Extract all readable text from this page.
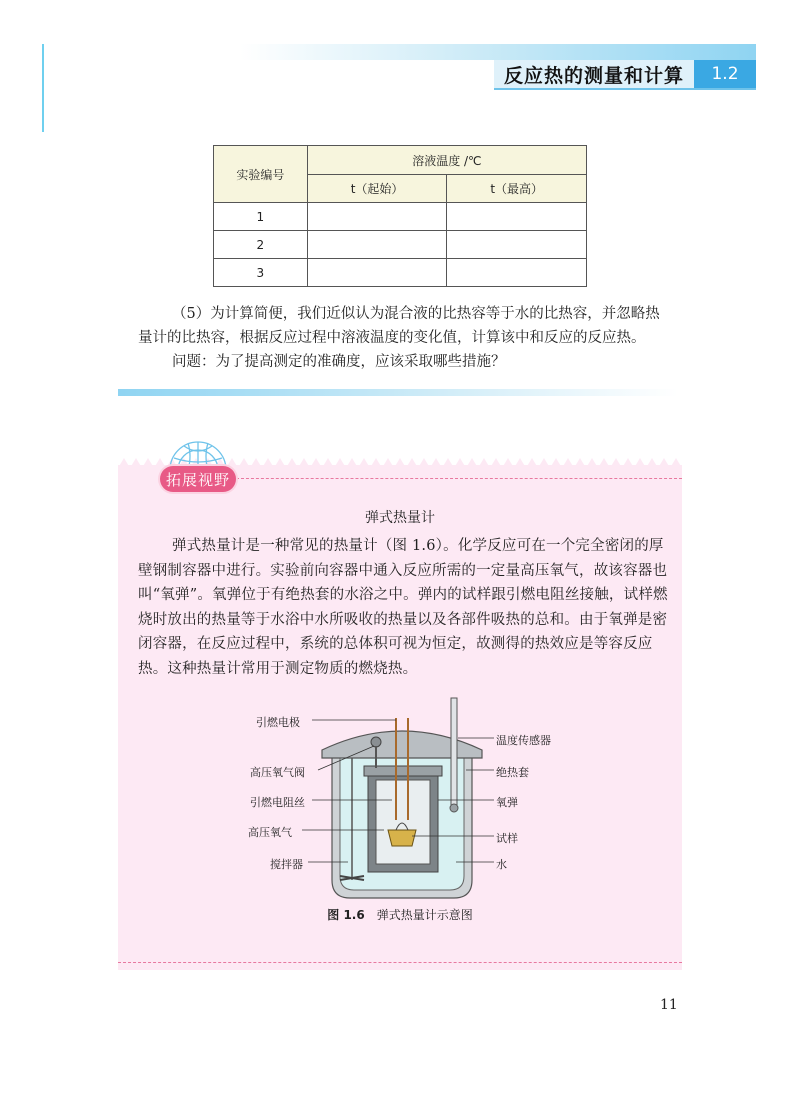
反应热的测量和计算 1.2
实验编号	溶液温度 /℃	
	t（起始）	t（最高）
1		
2		
3		

（5）为计算简便，我们近似认为混合液的比热容等于水的比热容，并忽略热量计的比热容，根据反应过程中溶液温度的变化值，计算该中和反应的反应热。

问题：为了提高测定的准确度，应该采取哪些措施？

拓展视野
弹式热量计

弹式热量计是一种常见的热量计（图 1.6）。化学反应可在一个完全密闭的厚壁钢制容器中进行。实验前向容器中通入反应所需的一定量高压氧气，故该容器也叫“氧弹”。氧弹位于有绝热套的水浴之中。弹内的试样跟引燃电阻丝接触，试样燃烧时放出的热量等于水浴中水所吸收的热量以及各部件吸热的总和。由于氧弹是密闭容器，在反应过程中，系统的总体积可视为恒定，故测得的热效应是等容反应热。这种热量计常用于测定物质的燃烧热。

引燃电极
高压氧气阀
引燃电阻丝
高压氧气
搅拌器
温度传感器
绝热套
氧弹
试样
水
图 1.6 弹式热量计示意图
11
